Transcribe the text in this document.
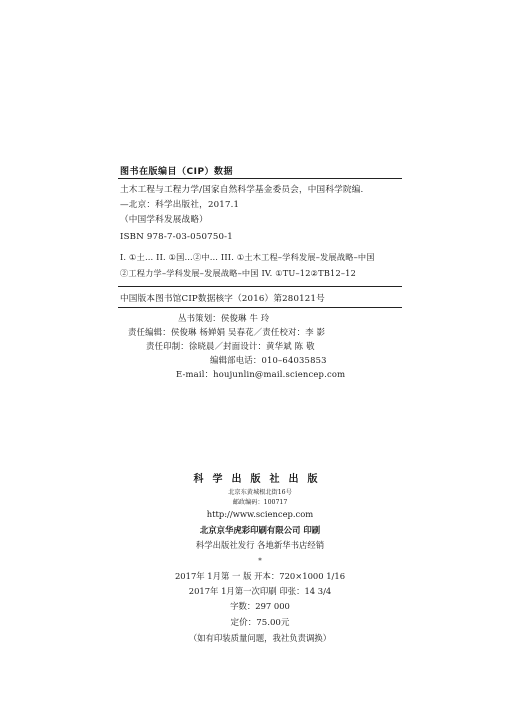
图书在版编目（CIP）数据
土木工程与工程力学/国家自然科学基金委员会，中国科学院编.
—北京：科学出版社，2017.1
（中国学科发展战略）
ISBN 978-7-03-050750-1
I. ①土… II. ①国…②中… III. ①土木工程–学科发展–发展战略–中国
②工程力学–学科发展–发展战略–中国 IV. ①TU–12②TB12–12
中国版本图书馆CIP数据核字（2016）第280121号
丛书策划：侯俊琳 牛 玲
责任编辑：侯俊琳 杨婵娟 吴春花／责任校对：李 影
责任印制：徐晓晨／封面设计：黄华斌 陈 敬
编辑部电话：010–64035853
E-mail：houjunlin@mail.sciencep.com
科学出版社出版
北京东黄城根北街16号
邮政编码：100717
http://www.sciencep.com
北京京华虎彩印刷有限公司 印刷
科学出版社发行 各地新华书店经销
*
2017年 1月第 一 版 开本：720×1000 1/16
2017年 1月第一次印刷 印张：14 3/4
字数：297 000
定价：75.00元
（如有印装质量问题，我社负责调换）
